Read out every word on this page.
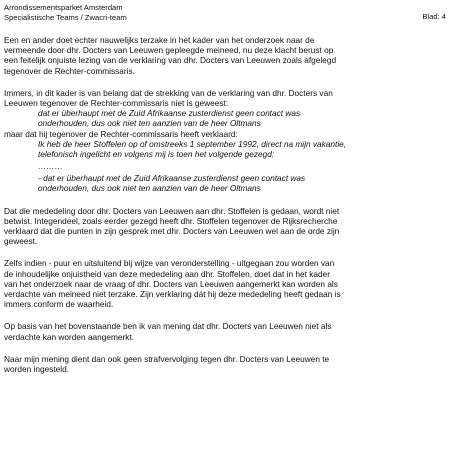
Arrondissementsparket Amsterdam
Specialistische Teams / Zwacri-team	Blad: 4

Een en ander doet echter nauwelijks terzake in het kader van het onderzoek naar de

vermeende door dhr. Docters van Leeuwen gepleegde meineed, nu deze klacht berust op

een feitelijk onjuiste lezing van de verklaring van dhr. Docters van Leeuwen zoals afgelegd

tegenover de Rechter-commissaris.

Immers, in dit kader is van belang dat de strekking van de verklaring van dhr. Docters van

Leeuwen tegenover de Rechter-commissaris niet is geweest:

dat er überhaupt met de Zuid Afrikaanse zusterdienst geen contact was

onderhouden, dus ook niet ten aanzien van de heer Oltmans

maar dat hij tegenover de Rechter-commissaris heeft verklaard:

Ik heb de heer Stoffelen op of omstreeks 1 september 1992, direct na mijn vakantie,

telefonisch ingelicht en volgens mij is toen het volgende gezegd:

………

- dat er überhaupt met de Zuid Afrikaanse zusterdienst geen contact was

onderhouden, dus ook niet ten aanzien van de heer Oltmans

Dat die mededeling door dhr. Docters van Leeuwen aan dhr. Stoffelen is gedaan, wordt niet

betwist. Integendeel, zoals eerder gezegd heeft dhr. Stoffelen tegenover de Rijksrecherche

verklaard dat die punten in zijn gesprek met dhr. Docters van Leeuwen wel aan de orde zijn

geweest.

Zelfs indien - puur en uitsluitend bij wijze van veronderstelling - uitgegaan zou worden van

de inhoudelijke onjuistheid van deze mededeling aan dhr. Stoffelen, doet dat in het kader

van het onderzoek naar de vraag of dhr. Docters van Leeuwen aangemerkt kan worden als

verdachte van meineed niet terzake. Zijn verklaring dát hij deze mededeling heeft gedaan is

immers conform de waarheid.

Op basis van het bovenstaande ben ik van mening dat dhr. Docters van Leeuwen niet als

verdachte kan worden aangemerkt.

Naar mijn mening dient dan ook geen strafvervolging tegen dhr. Docters van Leeuwen te

worden ingesteld.
